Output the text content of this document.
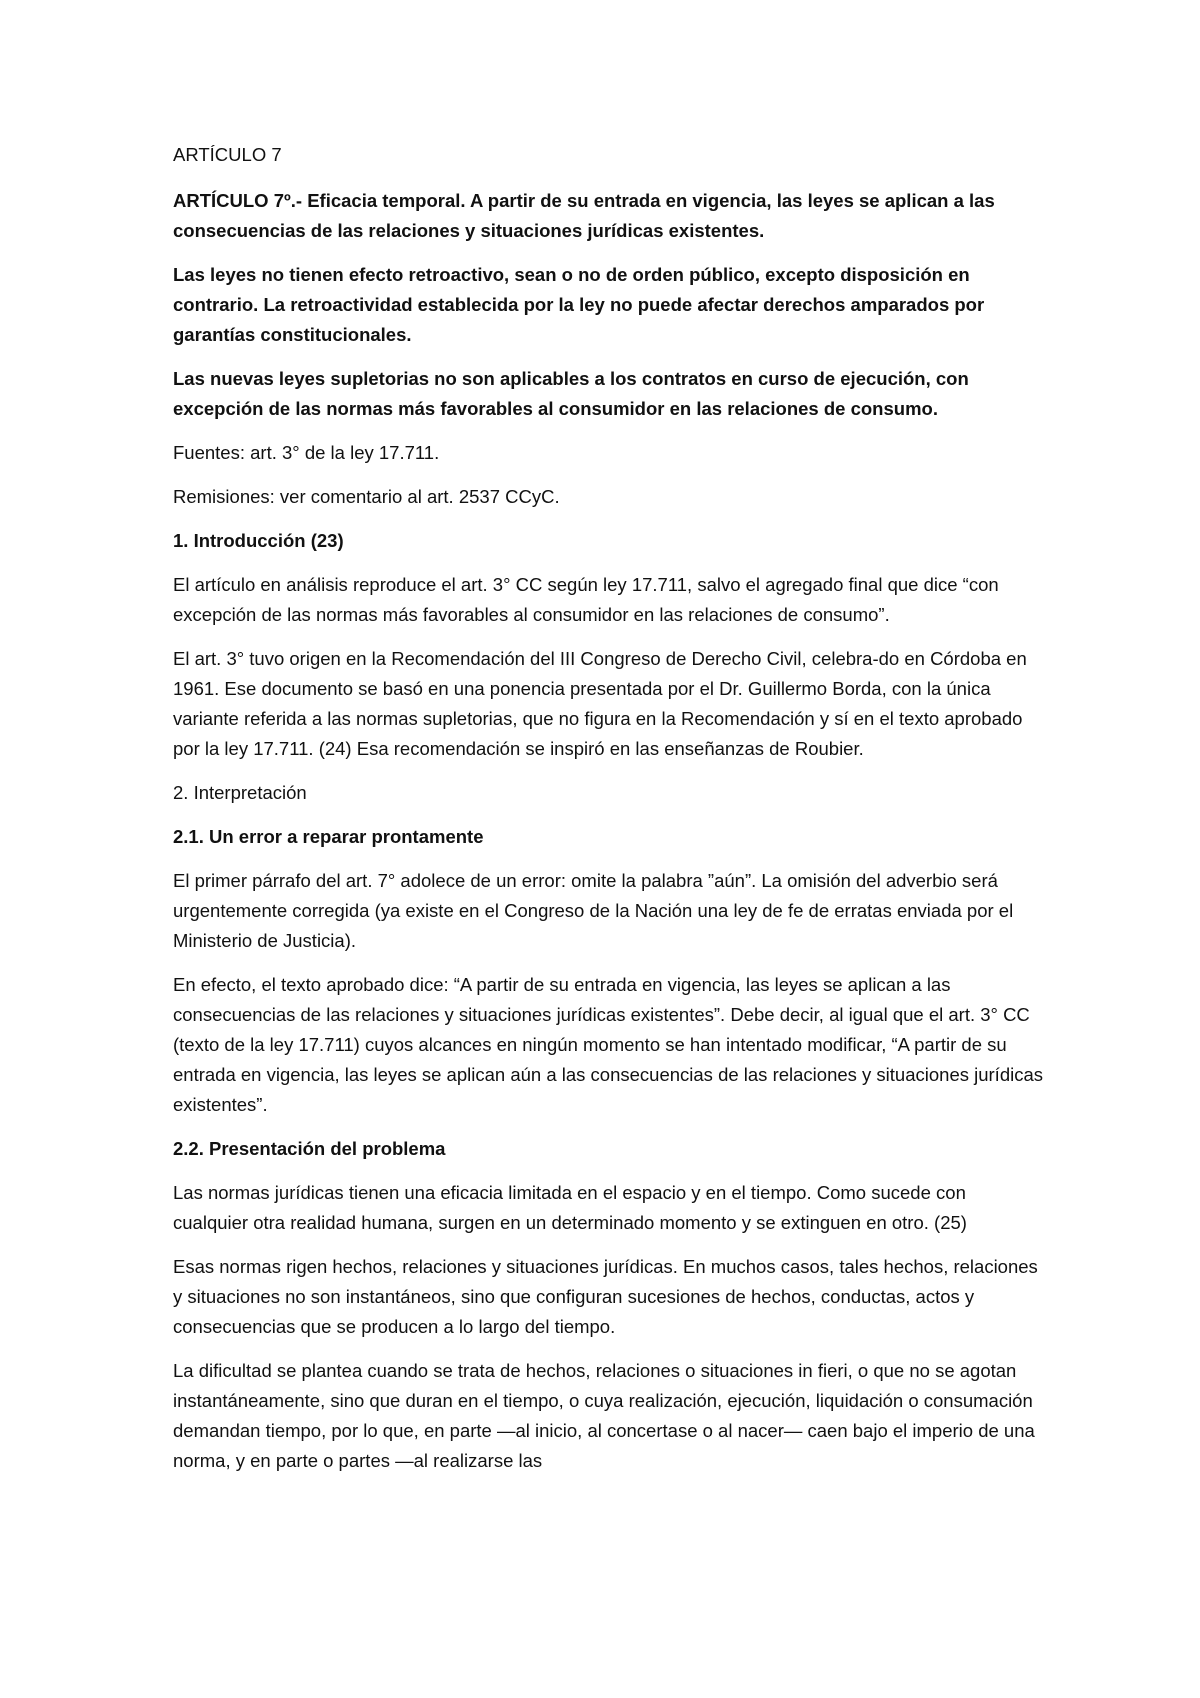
ARTÍCULO 7

ARTÍCULO 7º.- Eficacia temporal. A partir de su entrada en vigencia, las leyes se aplican a las consecuencias de las relaciones y situaciones jurídicas existentes.

Las leyes no tienen efecto retroactivo, sean o no de orden público, excepto disposición en contrario. La retroactividad establecida por la ley no puede afectar derechos amparados por garantías constitucionales.

Las nuevas leyes supletorias no son aplicables a los contratos en curso de ejecución, con excepción de las normas más favorables al consumidor en las relaciones de consumo.

Fuentes: art. 3° de la ley 17.711.

Remisiones: ver comentario al art. 2537 CCyC.

1. Introducción (23)

El artículo en análisis reproduce el art. 3° CC según ley 17.711, salvo el agregado final que dice “con excepción de las normas más favorables al consumidor en las relaciones de consumo”.

El art. 3° tuvo origen en la Recomendación del III Congreso de Derecho Civil, celebra-do en Córdoba en 1961. Ese documento se basó en una ponencia presentada por el Dr. Guillermo Borda, con la única variante referida a las normas supletorias, que no figura en la Recomendación y sí en el texto aprobado por la ley 17.711. (24) Esa recomendación se inspiró en las enseñanzas de Roubier.

2. Interpretación

2.1. Un error a reparar prontamente

El primer párrafo del art. 7° adolece de un error: omite la palabra ”aún”. La omisión del adverbio será urgentemente corregida (ya existe en el Congreso de la Nación una ley de fe de erratas enviada por el Ministerio de Justicia).

En efecto, el texto aprobado dice: “A partir de su entrada en vigencia, las leyes se aplican a las consecuencias de las relaciones y situaciones jurídicas existentes”. Debe decir, al igual que el art. 3° CC (texto de la ley 17.711) cuyos alcances en ningún momento se han intentado modificar, “A partir de su entrada en vigencia, las leyes se aplican aún a las consecuencias de las relaciones y situaciones jurídicas existentes”.

2.2. Presentación del problema

Las normas jurídicas tienen una eficacia limitada en el espacio y en el tiempo. Como sucede con cualquier otra realidad humana, surgen en un determinado momento y se extinguen en otro. (25)

Esas normas rigen hechos, relaciones y situaciones jurídicas. En muchos casos, tales hechos, relaciones y situaciones no son instantáneos, sino que configuran sucesiones de hechos, conductas, actos y consecuencias que se producen a lo largo del tiempo.

La dificultad se plantea cuando se trata de hechos, relaciones o situaciones in fieri, o que no se agotan instantáneamente, sino que duran en el tiempo, o cuya realización, ejecución, liquidación o consumación demandan tiempo, por lo que, en parte —al inicio, al concertase o al nacer— caen bajo el imperio de una norma, y en parte o partes —al realizarse las
